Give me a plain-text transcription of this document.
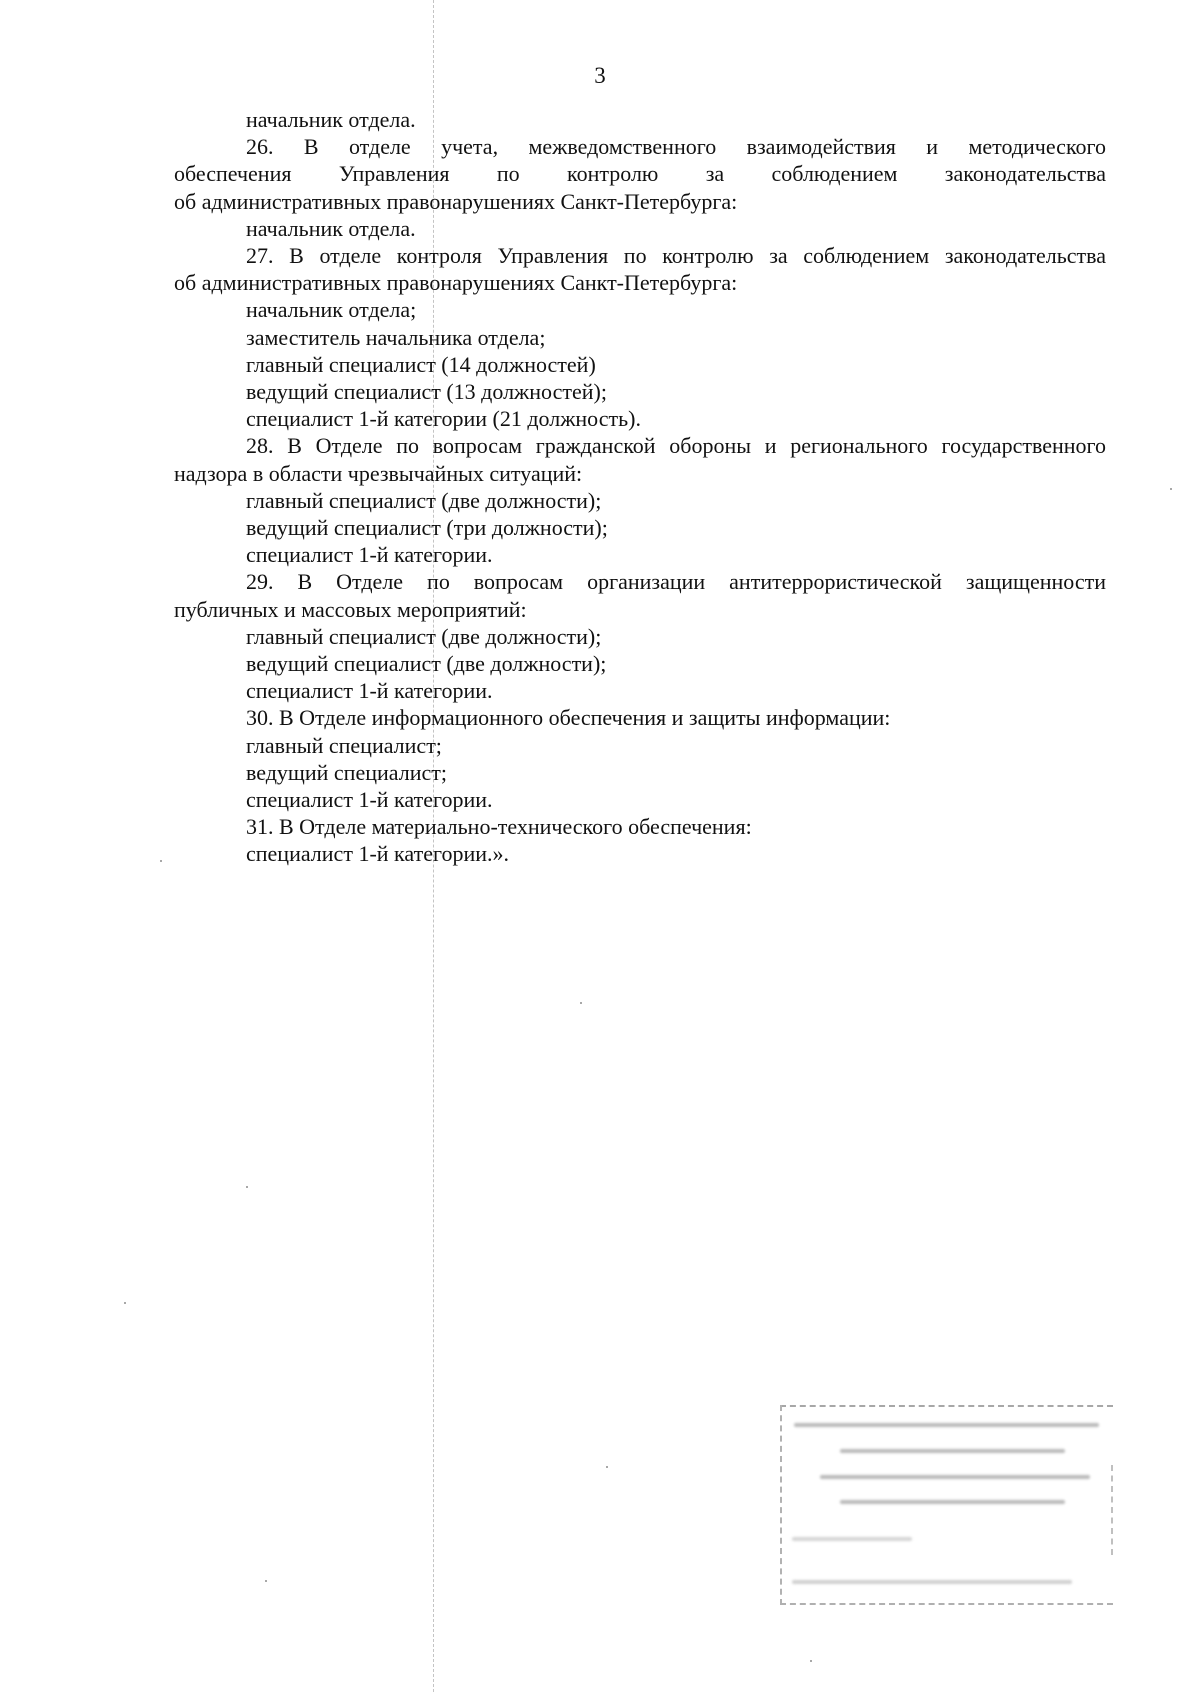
3
начальник отдела.
26. В отделе учета, межведомственного взаимодействия и методического
обеспечения Управления по контролю за соблюдением законодательства
об административных правонарушениях Санкт-Петербурга:
начальник отдела.
27. В отделе контроля Управления по контролю за соблюдением законодательства
об административных правонарушениях Санкт-Петербурга:
начальник отдела;
заместитель начальника отдела;
главный специалист (14 должностей)
ведущий специалист (13 должностей);
специалист 1-й категории (21 должность).
28. В Отделе по вопросам гражданской обороны и регионального государственного
надзора в области чрезвычайных ситуаций:
главный специалист (две должности);
ведущий специалист (три должности);
специалист 1-й категории.
29. В Отделе по вопросам организации антитеррористической защищенности
публичных и массовых мероприятий:
главный специалист (две должности);
ведущий специалист (две должности);
специалист 1-й категории.
30. В Отделе информационного обеспечения и защиты информации:
главный специалист;
ведущий специалист;
специалист 1-й категории.
31. В Отделе материально-технического обеспечения:
специалист 1-й категории.».
